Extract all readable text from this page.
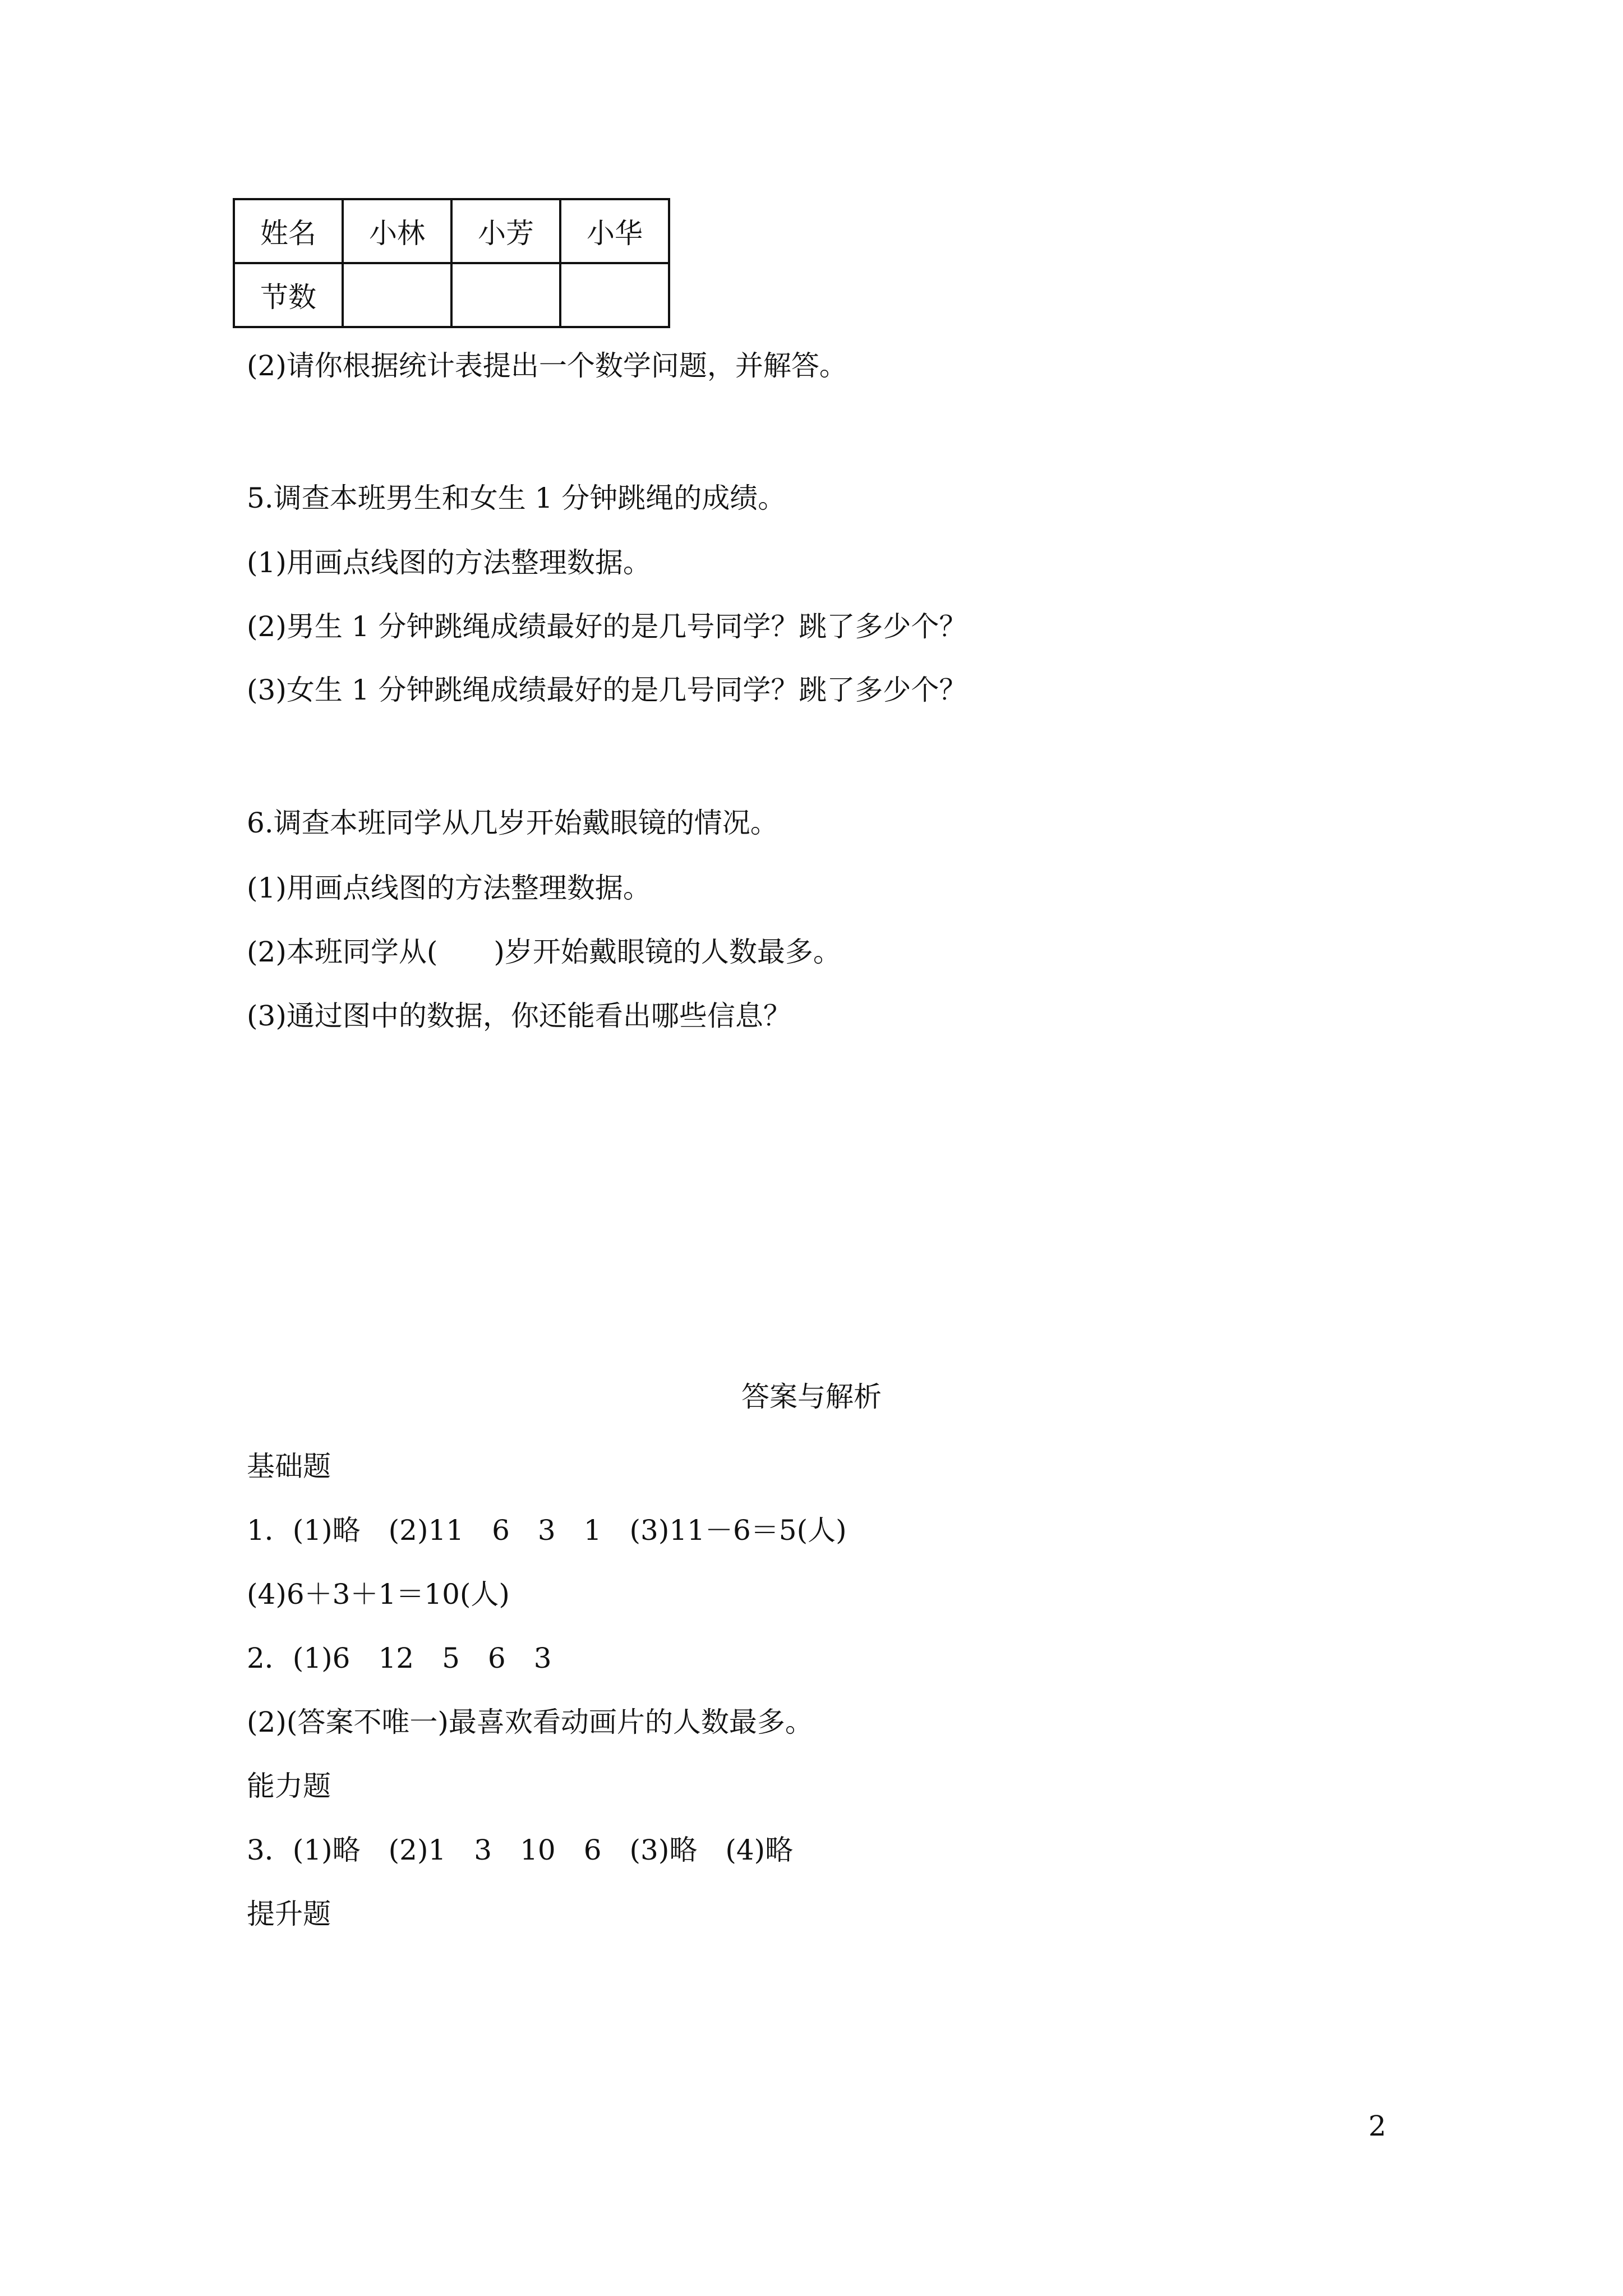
姓名	小林	小芳	小华
节数			
(2)请你根据统计表提出一个数学问题，并解答。
5.调查本班男生和女生 1 分钟跳绳的成绩。
(1)用画点线图的方法整理数据。
(2)男生 1 分钟跳绳成绩最好的是几号同学？跳了多少个？
(3)女生 1 分钟跳绳成绩最好的是几号同学？跳了多少个？
6.调查本班同学从几岁开始戴眼镜的情况。
(1)用画点线图的方法整理数据。
(2)本班同学从(　　)岁开始戴眼镜的人数最多。
(3)通过图中的数据，你还能看出哪些信息？
答案与解析
基础题
1．(1)略　(2)11　6　3　1　(3)11－6＝5(人)
(4)6＋3＋1＝10(人)
2．(1)6　12　5　6　3
(2)(答案不唯一)最喜欢看动画片的人数最多。
能力题
3．(1)略　(2)1　3　10　6　(3)略　(4)略
提升题
2
